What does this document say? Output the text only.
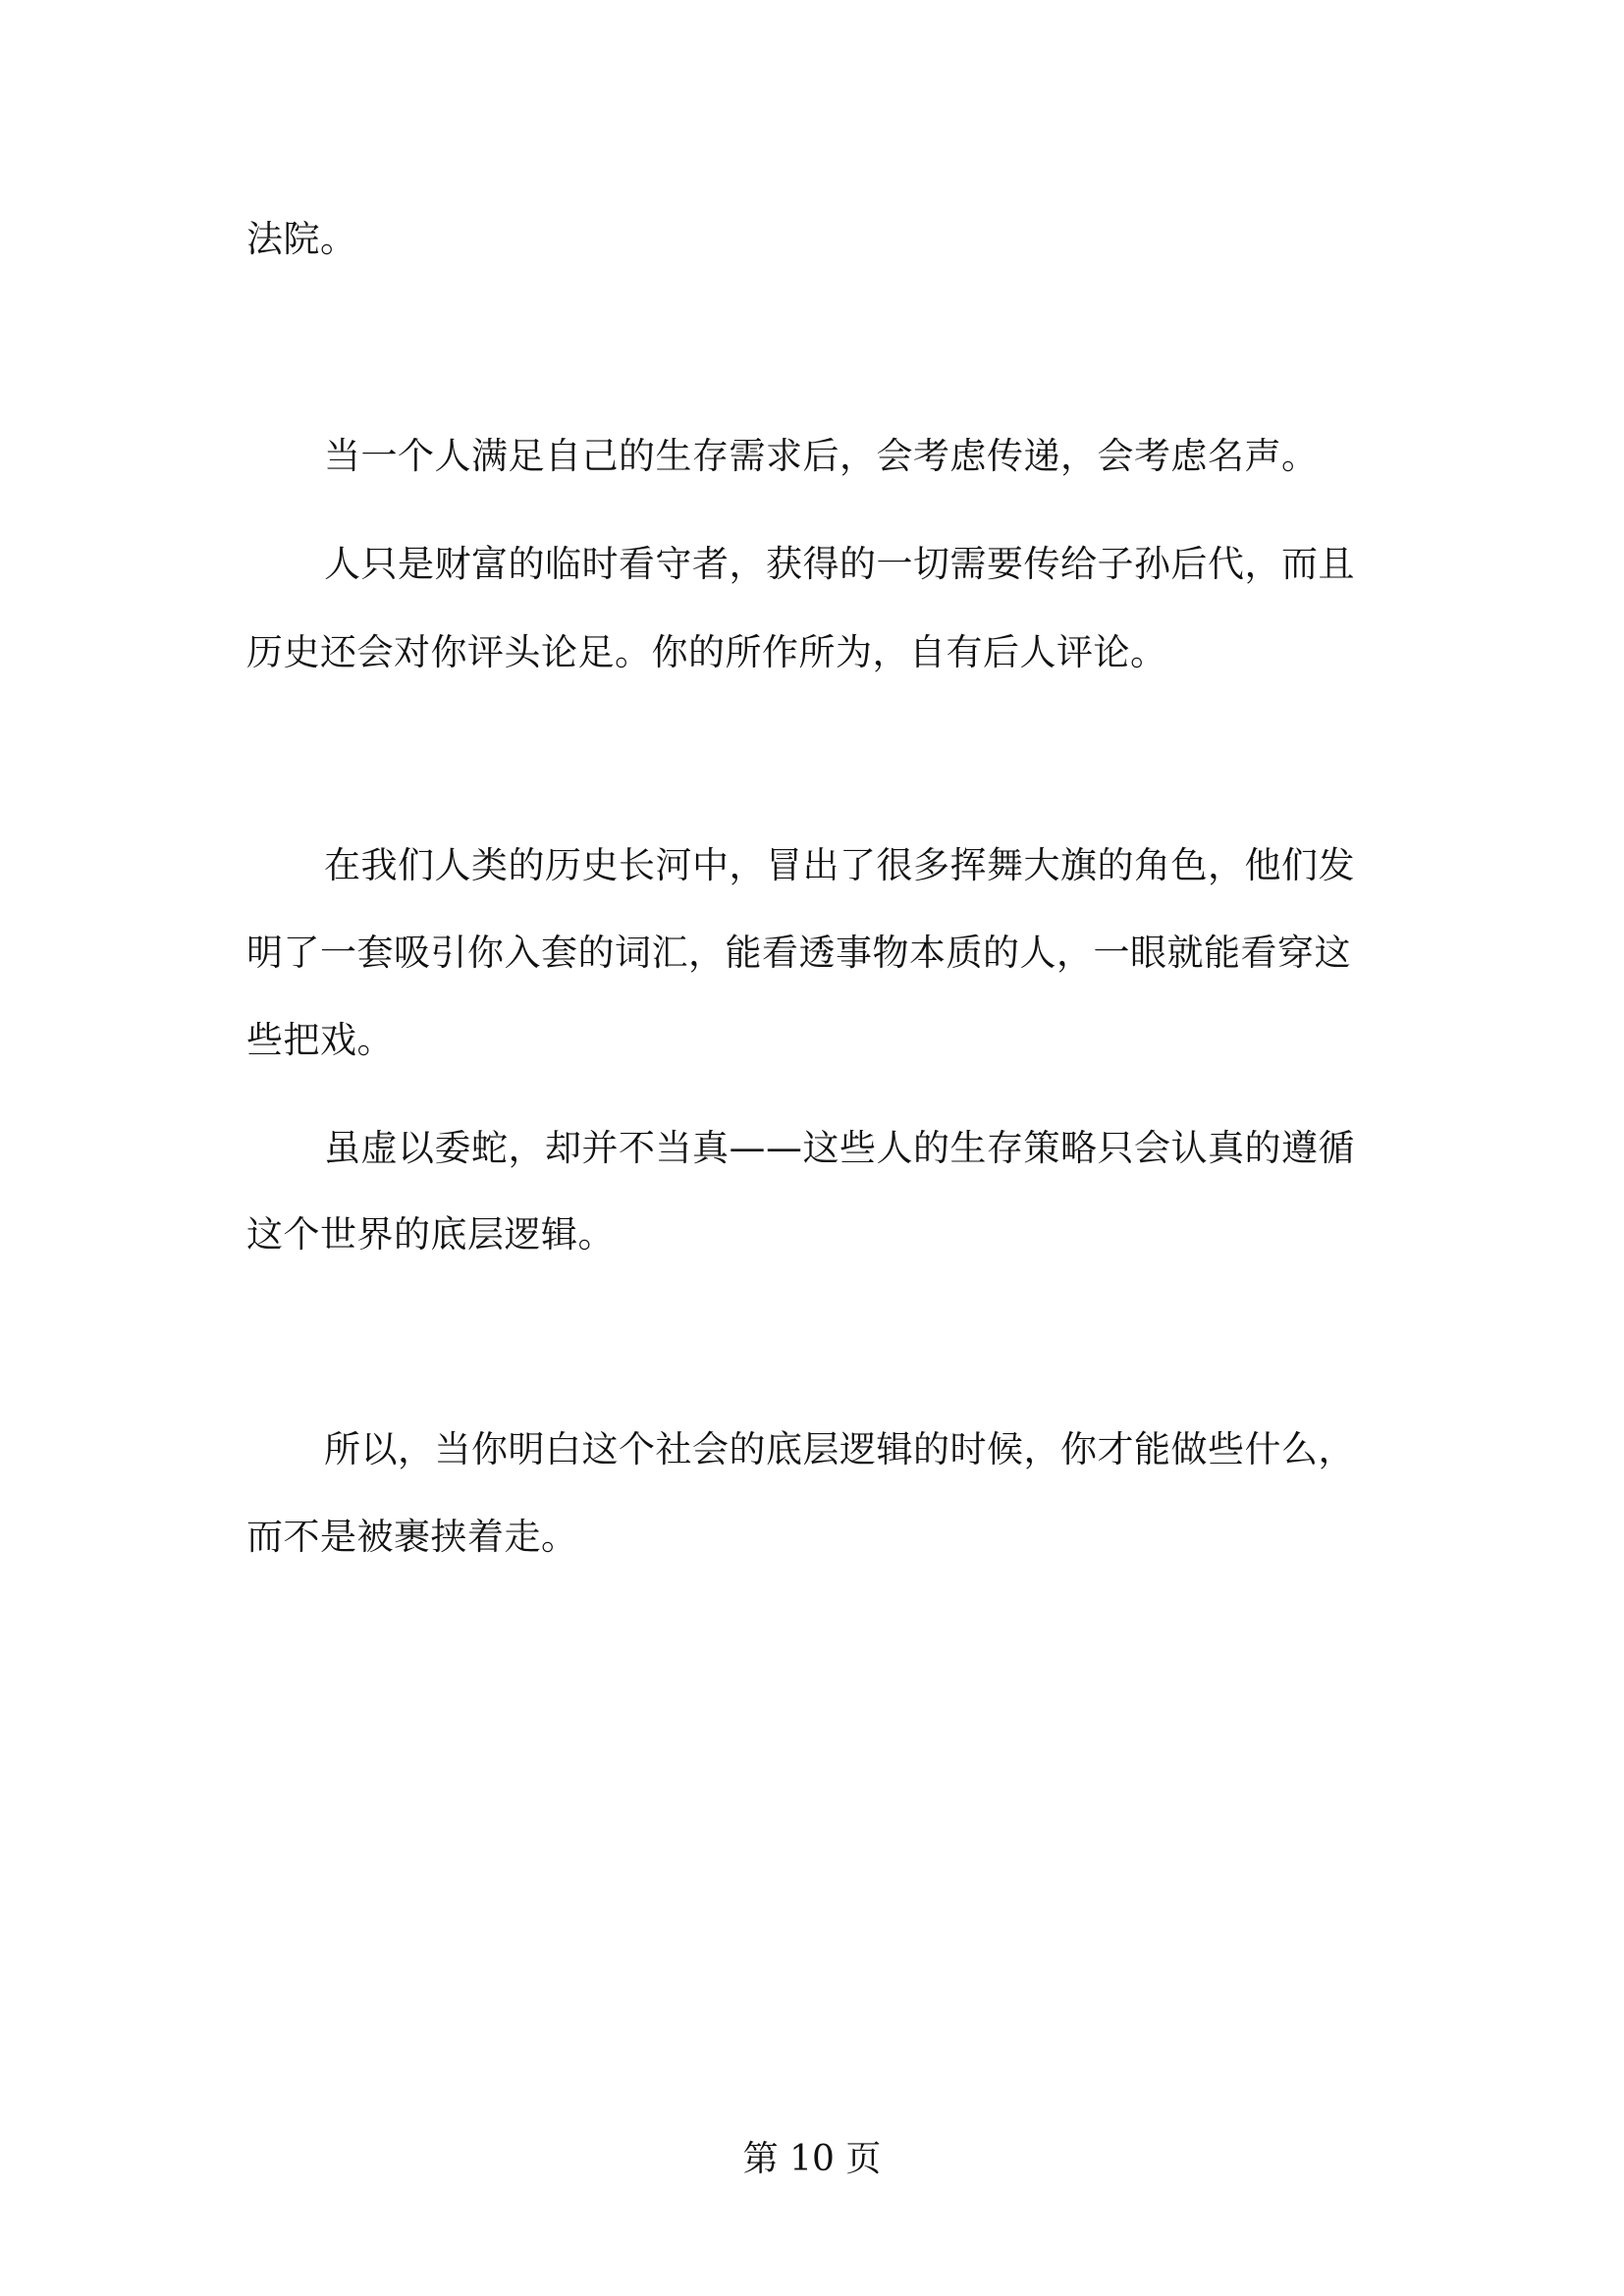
法院。
当一个人满足自己的生存需求后，会考虑传递，会考虑名声。
人只是财富的临时看守者，获得的一切需要传给子孙后代，而且
历史还会对你评头论足。你的所作所为，自有后人评论。
在我们人类的历史长河中，冒出了很多挥舞大旗的角色，他们发
明了一套吸引你入套的词汇，能看透事物本质的人，一眼就能看穿这
些把戏。
虽虚以委蛇，却并不当真——这些人的生存策略只会认真的遵循
这个世界的底层逻辑。
所以，当你明白这个社会的底层逻辑的时候，你才能做些什么，
而不是被裹挟着走。
第 10 页
